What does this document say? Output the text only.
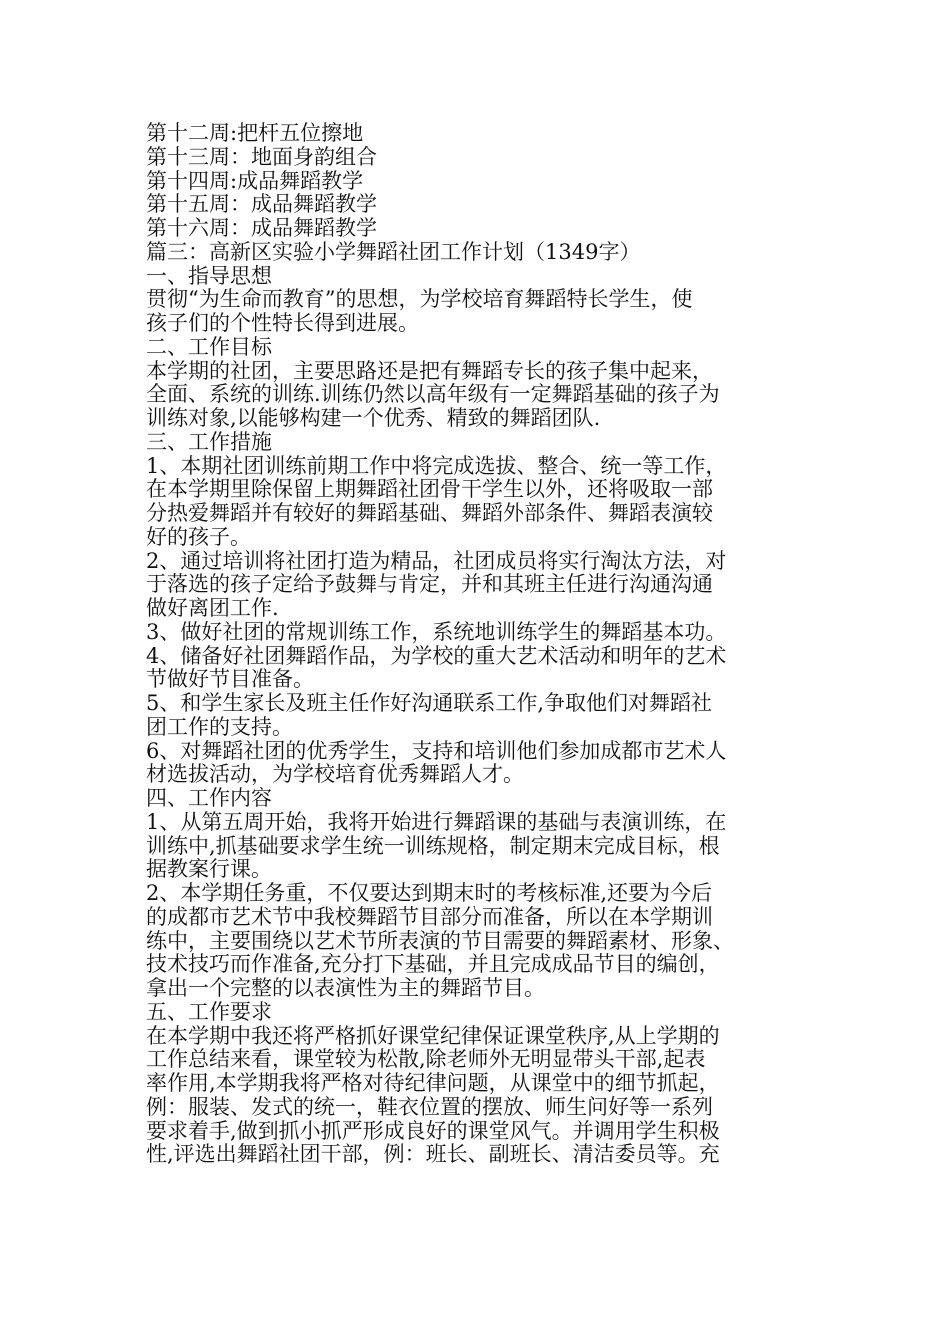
第十二周:把杆五位擦地
第十三周：地面身韵组合
第十四周:成品舞蹈教学
第十五周：成品舞蹈教学
第十六周：成品舞蹈教学
篇三：高新区实验小学舞蹈社团工作计划（1349字）
一、指导思想
贯彻“为生命而教育”的思想，为学校培育舞蹈特长学生，使
孩子们的个性特长得到进展。
二、工作目标
本学期的社团，主要思路还是把有舞蹈专长的孩子集中起来，
全面、系统的训练.训练仍然以高年级有一定舞蹈基础的孩子为
训练对象,以能够构建一个优秀、精致的舞蹈团队.
三、工作措施
1、本期社团训练前期工作中将完成选拔、整合、统一等工作，
在本学期里除保留上期舞蹈社团骨干学生以外，还将吸取一部
分热爱舞蹈并有较好的舞蹈基础、舞蹈外部条件、舞蹈表演较
好的孩子。
2、通过培训将社团打造为精品，社团成员将实行淘汰方法，对
于落选的孩子定给予鼓舞与肯定，并和其班主任进行沟通沟通
做好离团工作.
3、做好社团的常规训练工作，系统地训练学生的舞蹈基本功。
4、储备好社团舞蹈作品，为学校的重大艺术活动和明年的艺术
节做好节目准备。
5、和学生家长及班主任作好沟通联系工作,争取他们对舞蹈社
团工作的支持。
6、对舞蹈社团的优秀学生，支持和培训他们参加成都市艺术人
材选拔活动，为学校培育优秀舞蹈人才。
四、工作内容
1、从第五周开始，我将开始进行舞蹈课的基础与表演训练，在
训练中,抓基础要求学生统一训练规格，制定期末完成目标，根
据教案行课。
2、本学期任务重，不仅要达到期末时的考核标准,还要为今后
的成都市艺术节中我校舞蹈节目部分而准备，所以在本学期训
练中，主要围绕以艺术节所表演的节目需要的舞蹈素材、形象、
技术技巧而作准备,充分打下基础，并且完成成品节目的编创，
拿出一个完整的以表演性为主的舞蹈节目。
五、工作要求
在本学期中我还将严格抓好课堂纪律保证课堂秩序,从上学期的
工作总结来看，课堂较为松散,除老师外无明显带头干部,起表
率作用,本学期我将严格对待纪律问题，从课堂中的细节抓起，
例：服装、发式的统一，鞋衣位置的摆放、师生问好等一系列
要求着手,做到抓小抓严形成良好的课堂风气。并调用学生积极
性,评选出舞蹈社团干部，例：班长、副班长、清洁委员等。充
